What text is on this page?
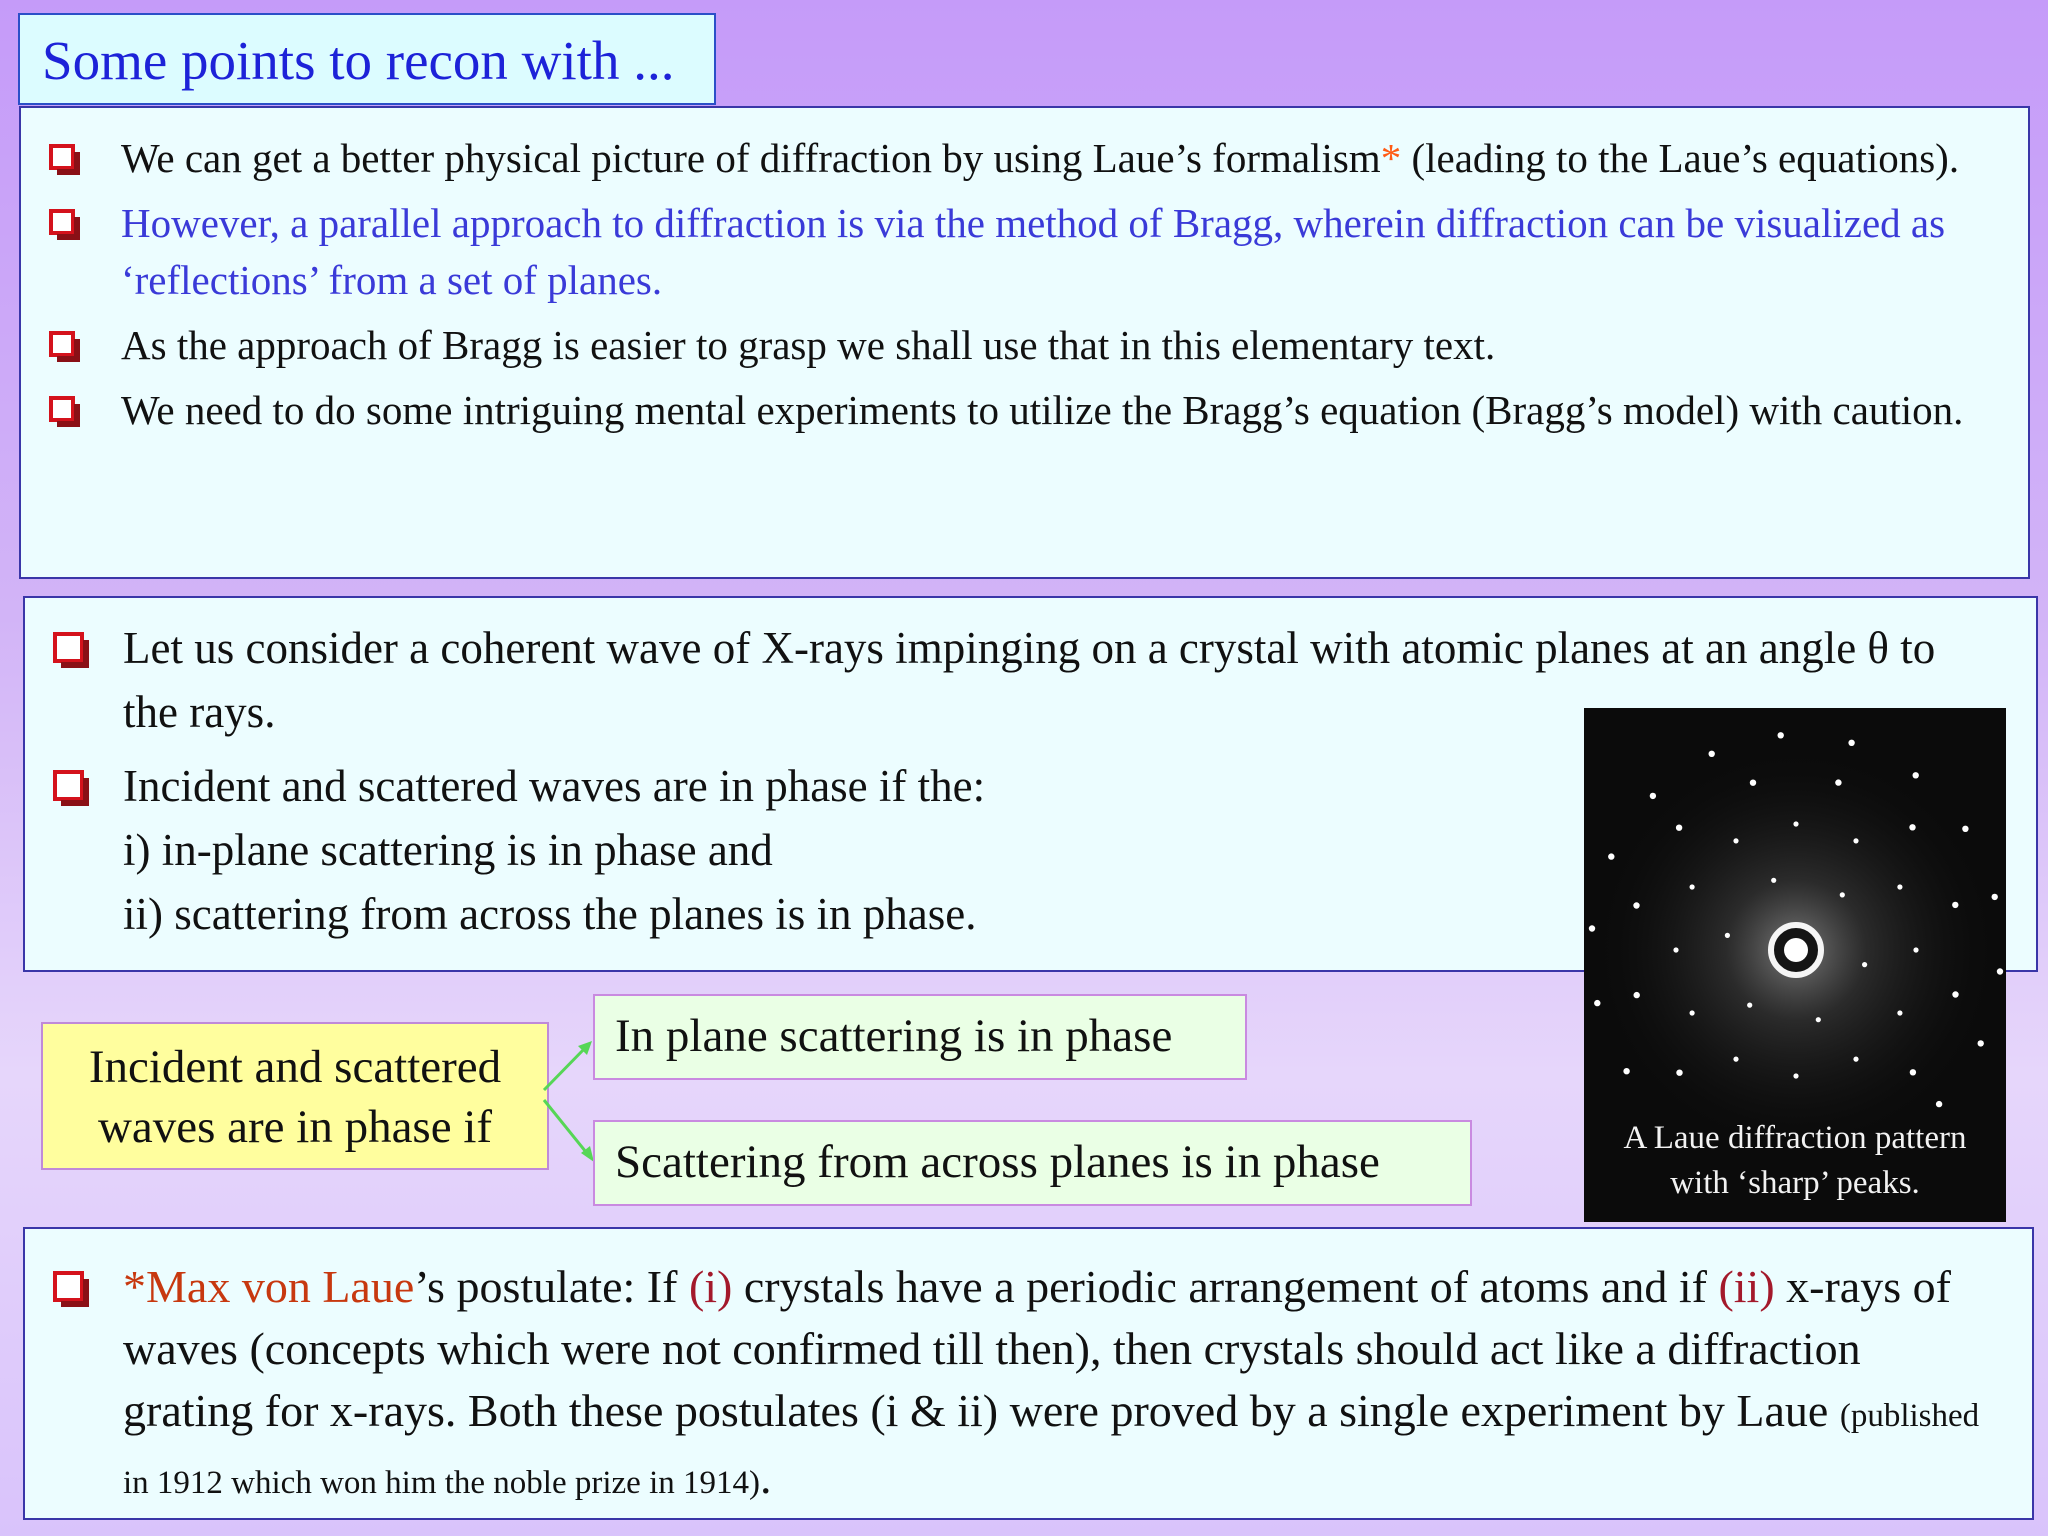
Some points to recon with ...
We can get a better physical picture of diffraction by using Laue’s formalism* (leading to the Laue’s equations).
However, a parallel approach to diffraction is via the method of Bragg, wherein diffraction can be visualized as ‘reflections’ from a set of planes.
As the approach of Bragg is easier to grasp we shall use that in this elementary text.
We need to do some intriguing mental experiments to utilize the Bragg’s equation (Bragg’s model) with caution.
Let us consider a coherent wave of X-rays impinging on a crystal with atomic planes at an angle θ to the rays.
Incident and scattered waves are in phase if the:
i) in-plane scattering is in phase and
ii) scattering from across the planes is in phase.
A Laue diffraction pattern
with ‘sharp’ peaks.
Incident and scattered
waves are in phase if
In plane scattering is in phase
Scattering from across planes is in phase
*Max von Laue’s postulate: If (i) crystals have a periodic arrangement of atoms and if (ii) x-rays of waves (concepts which were not confirmed till then), then crystals should act like a diffraction grating for x-rays. Both these postulates (i & ii) were proved by a single experiment by Laue (published in 1912 which won him the noble prize in 1914).
